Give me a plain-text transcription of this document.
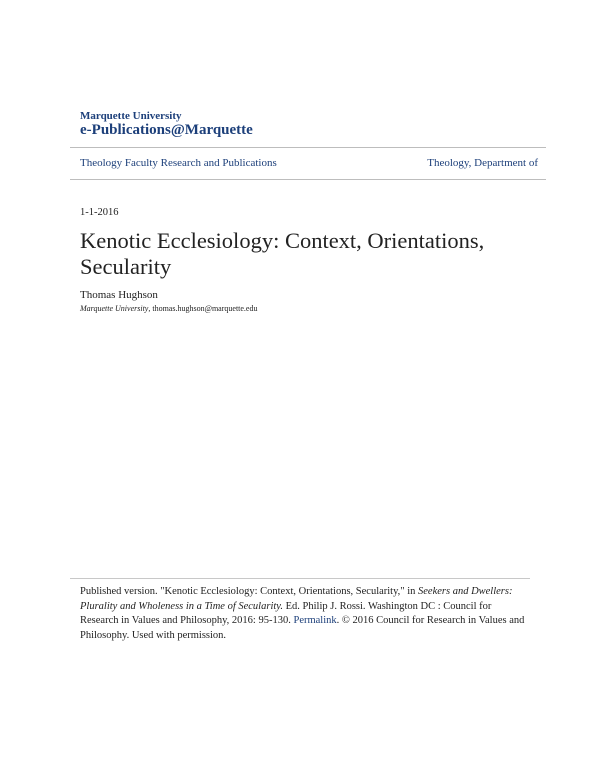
Marquette University
e-Publications@Marquette
Theology Faculty Research and Publications	Theology, Department of
1-1-2016
Kenotic Ecclesiology: Context, Orientations, Secularity
Thomas Hughson
Marquette University, thomas.hughson@marquette.edu
Published version. "Kenotic Ecclesiology: Context, Orientations, Secularity," in Seekers and Dwellers: Plurality and Wholeness in a Time of Secularity. Ed. Philip J. Rossi. Washington DC : Council for Research in Values and Philosophy, 2016: 95-130. Permalink. © 2016 Council for Research in Values and Philosophy. Used with permission.
